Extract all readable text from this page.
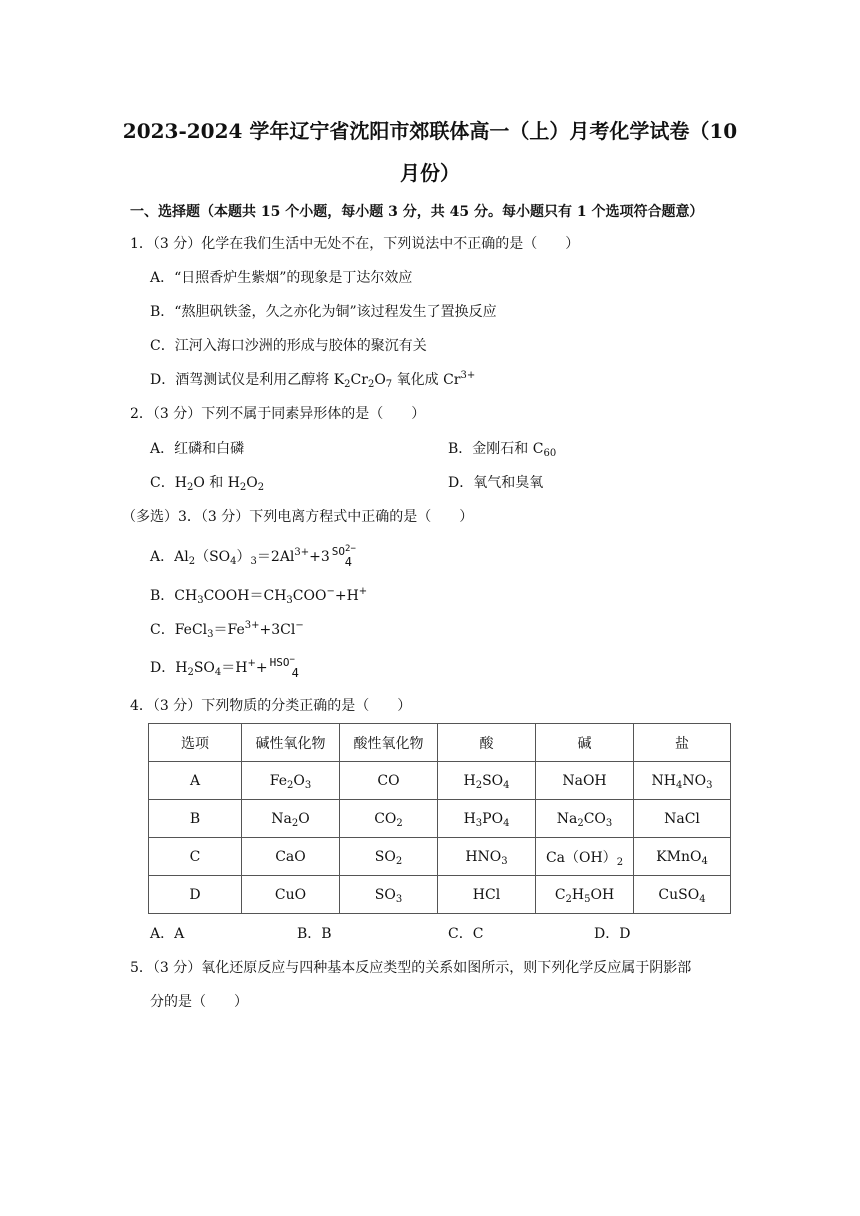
2023-2024 学年辽宁省沈阳市郊联体高一（上）月考化学试卷（10
月份）
一、选择题（本题共 15 个小题，每小题 3 分，共 45 分。每小题只有 1 个选项符合题意）
1．（3 分）化学在我们生活中无处不在，下列说法中不正确的是（　　）
A．“日照香炉生紫烟”的现象是丁达尔效应
B．“熬胆矾铁釜，久之亦化为铜”该过程发生了置换反应
C．江河入海口沙洲的形成与胶体的聚沉有关
D．酒驾测试仪是利用乙醇将 $K_2Cr_2O_7$ 氧化成 $Cr^{3+}$
2．（3 分）下列不属于同素异形体的是（　　）
A．红磷和白磷	B．金刚石和 $C_{60}$
C．$H_2O$ 和 $H_2O_2$	D．氧气和臭氧
（多选）3．（3 分）下列电离方程式中正确的是（　　）
A．$Al_2(SO_4)_3=2Al^{3+}+3$ $SO^{2-}$
4
B．$CH_3COOH=CH_3COO^-+H^+$
C．$FeCl_3=Fe^{3+}+3Cl^-$
D．$H_2SO_4=H^++ HSO^-$
4
4．（3 分）下列物质的分类正确的是（　　）
选项	碱性氧化物	酸性氧化物	酸	碱	盐
A	$Fe_2O_3$	CO	$H_2SO_4$	NaOH	$NH_4NO_3$
B	$Na_2O$	$CO_2$	$H_3PO_4$	$Na_2CO_3$	NaCl
C	CaO	$SO_2$	$HNO_3$	$Ca(OH)_2$	KMnO$_4$
D	CuO	$SO_3$	HCl	$C_2H_5OH$	CuSO$_4$
A．A	B．B	C．C	D．D
5．（3 分）氧化还原反应与四种基本反应类型的关系如图所示，则下列化学反应属于阴影部
分的是（　　）
